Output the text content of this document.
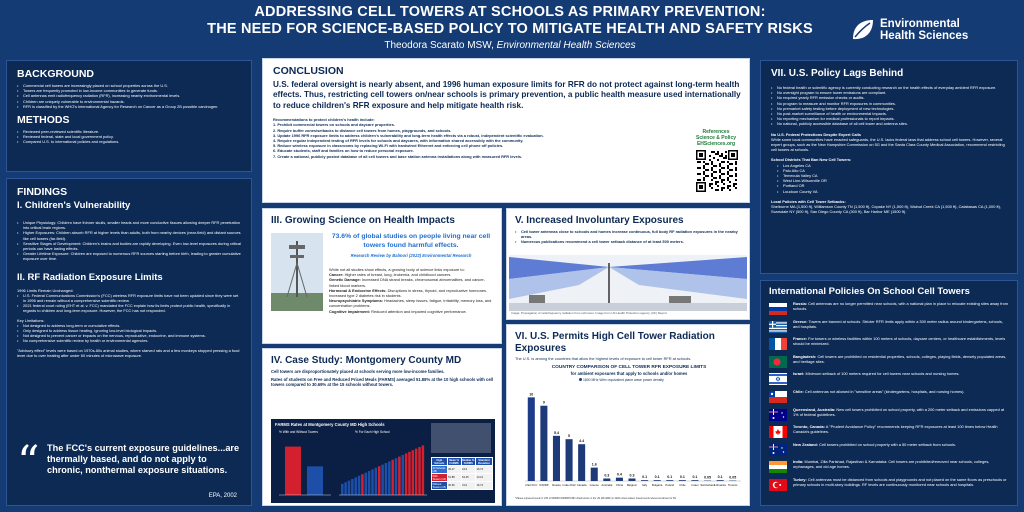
ADDRESSING CELL TOWERS AT SCHOOLS AS PRIMARY PREVENTION:
THE NEED FOR SCIENCE-BASED POLICY TO MITIGATE HEALTH AND SAFETY RISKS
Theodora Scarato MSW, Environmental Health Sciences
Environmental
Health Sciences
BACKGROUND
• Commercial cell towers are increasingly placed on school properties across the U.S.
• Towers are frequently promoted in low-income communities to generate funds.
• Cell antennas emit radiofrequency radiation (RFR), increasing nearby environmental levels.
• Children are uniquely vulnerable to environmental hazards.
• RFR is classified by the WHO's International Agency for Research on Cancer as a Group 2B possible carcinogen.
METHODS
• Reviewed peer-reviewed scientific literature.
• Reviewed federal, state and local government policy.
• Compared U.S. to international policies and regulations.
FINDINGS
I. Children's Vulnerability
• Unique Physiology: Children have thinner skulls, smaller heads and more conductive tissues allowing deeper RFR penetration into critical brain regions.
• Higher Exposures: Children absorb RFR at higher levels than adults, both from nearby devices (near-field) and distant sources like cell towers (far-field).
• Sensitive Stages of Development: Children's brains and bodies are rapidly developing. Even low-level exposures during critical periods can have lasting effects.
• Greater Lifetime Exposure: Children are exposed to numerous RFR sources starting before birth, leading to greater cumulative exposure over time.
II. RF Radiation Exposure Limits
1996 Limits Remain Unchanged:
• U.S. Federal Communications Commission's (FCC) wireless RFR exposure limits have not been updated since they were set in 1996 and remain without a comprehensive scientific review.
• 2021 federal court ruling (EHT et al. v. FCC) mandated the FCC explain how its limits protect public health, specifically in regards to children and long-term exposure. However, the FCC has not responded.
Key Limitations:
• Not designed to address long-term or cumulative effects.
• Only designed to address tissue heating, ignoring low-level biological impacts.
• Not designed to prevent cancer or impacts on the nervous, reproductive, endocrine, and immune systems.
• No comprehensive scientific review by health or environmental agencies.
"Advisory effect" levels were based on 1970s-80s animal studies, where starved rats and a few monkeys stopped pressing a food lever due to over heating after under 60 minutes of microwave exposure.
“ The FCC's current exposure guidelines...are thermally based, and do not apply to chronic, nonthermal exposure situations.
EPA, 2002
CONCLUSION
U.S. federal oversight is nearly absent, and 1996 human exposure limits for RFR do not protect against long-term health effects. Thus, restricting cell towers on/near schools is primary prevention, a public health measure used internationally to reduce children's RFR exposure and help mitigate health risk.
Recommendations to protect children's health include:
1. Prohibit commercial towers on schools and daycare properties.
2. Require buffer zones/setbacks to distance cell towers from homes, playgrounds, and schools.
3. Update 1996 RFR exposure limits to address children's vulnerability and long-term health effects via a robust, independent scientific evaluation.
4. Require regular independent testing of RFR levels for schools and daycares, with information shared accessibly with the community.
5. Reduce wireless exposure in classrooms by replacing Wi-Fi with hardwired Ethernet and enforcing cell phone off policies.
6. Educate students, staff and families on how to reduce personal exposure.
7. Create a national, publicly posted database of all cell towers and base station antenna installations along with measured RFR levels.
References
Science & Policy
EHSciences.org
III. Growing Science on Health Impacts
73.6% of global studies on people living near cell towers found harmful effects.
Research Review by Balmori (2022) Environmental Research
While not all studies show effects, a growing body of science links exposure to:
Cancer: Higher rates of breast, lung, leukemia, and childhood cancers.
Genetic Damage: Increased DNA strand breaks, chromosomal abnormalities, and cancer-linked blood markers.
Hormonal & Endocrine Effects: Disruptions in stress, thyroid, and reproductive hormones. Increased type 2 diabetes risk in students.
Neuropsychiatric Symptoms: Headaches, sleep issues, fatigue, irritability, memory loss, and concentration problems.
Cognitive Impairment: Reduced attention and impaired cognitive performance.
V. Increased Involuntary Exposures
• Cell tower antennas close to schools and homes increase continuous, full body RF radiation exposures in the nearby areas.
• Numerous publications recommend a cell tower setback distance of at least 500 meters.
Image: Propagation of radiofrequency radiation from cell tower. Image from US Health Protection agency (UK) Report
IV. Case Study: Montgomery County MD
Cell towers are disproportionately placed at schools serving more low-income families.
Rates of students on Free and Reduced Priced Meals (FARMS) averaged 51.88% at the 10 high schools with cell towers compared to 30.69% at the 15 schools without towers.
FARMS Rates at Montgomery County MD High Schools
% With and Without Towers	% For Each High School
High Schools	Mean % FARMS	Median % FARMS	Standard Deviation
All Schools (25)	39.17	44.6	16.72
With Towers (10)	51.88	54.45	13.21
Without Towers (15)	30.69	31.6	16.72
VI. U.S. Permits High Cell Tower Radiation Exposures
The U.S. is among the countries that allow the highest levels of exposure to cell tower RFR at schools.
COUNTRY COMPARISON OF CELL TOWER RFR EXPOSURE LIMITS
for ambient exposures that apply to schools and/or homes
1800 MHz W/m² equivalent plane wave power density
10
USA FCC
9
ICNIRP
5.4
Russia
5
India 2012
4.4
Canada
1.6
Greece
0.3
Australia
0.4
China
0.3
Belgium
0.1
Italy
0.1
Bulgaria
0.1
Poland
0.1
Chile
0.1
Israel
0.05
Switzerland
0.1
Lithuania
0.05
Toronto
*Values represent levels in V/M of 900MHz/1800MHz/RF infrastructure in the US (RF-EMF) in 2020 unless stated, lowest levels referenced above for 5G
VII. U.S. Policy Lags Behind
• No federal health or scientific agency is currently conducting research on the health effects of everyday ambient RFR exposure.
• No oversight program to ensure tower emissions are compliant.
• No required yearly RFR emission checks or audits.
• No program to measure and monitor RFR exposures in communities.
• No premarket safety testing before deployment of new technologies.
• No post-market surveillance of health or environmental impacts.
• No reporting mechanism for medical professionals to report impacts.
• No national, publicly accessible database of all cell tower and antenna sites.
No U.S. Federal Protections Despite Expert Calls
While some local communities have enacted safeguards, the U.S. lacks federal laws that address school cell towers. However, several expert groups, such as the New Hampshire Commission on 5G and the Santa Clara County Medical Association, recommend restricting cell towers at schools.
School Districts That Ban New Cell Towers:
• Los Angeles CA
• Palo Alto CA
• Temecula Valley CA
• West Linn-Wilsonville OR
• Portland OR
• Loudoun County VA
Local Policies with Cell Tower Setbacks:
Shelburne MA (1,500 ft), Williamson County TN (1,500 ft), Copake NY (1,500 ft), Walnut Creek CA (1,500 ft), Calabasas CA (1,000 ft), Scarsdale NY (500 ft), San Diego County CA (300 ft), Bar Harbor ME (1500 ft).
International Policies On School Cell Towers
Russia: Cell antennas are no longer permitted near schools, with a national plan in place to relocate existing sites away from schools.
Greece: Towers are banned at schools. Stricter RFR limits apply within a 300 meter radius around kindergartens, schools, and hospitals.
France: For towers or wireless facilities within 100 meters of schools, daycare centers, or healthcare establishments, levels should be minimized.
Bangladesh: Cell towers are prohibited on residential properties, schools, colleges, playing fields, densely populated areas, and heritage sites.
Israel: Minimum setback of 100 meters required for cell towers near schools and nursing homes.
Chile: Cell antennas not allowed in "sensitive areas" (kindergartens, hospitals, and nursing homes).
Queensland, Australia: New cell towers prohibited on school property, with a 200 meter setback and emissions capped at 1% of federal guidelines.
Toronto, Canada: A "Prudent Avoidance Policy" recommends keeping RFR exposures at least 100 times below Health Canada's guidelines.
New Zealand: Cell towers prohibited on school property with a 50 meter setback from schools.
India: Mumbai, Zilla Parishad, Rajasthan & Karnataka: Cell towers are prohibited/removed near schools, colleges, orphanages, and old age homes.
Turkey: Cell antennas must be distanced from schools and playgrounds and not placed on the same floors as preschools or primary schools in multi-story buildings. RF levels are continuously monitored near schools and hospitals.
